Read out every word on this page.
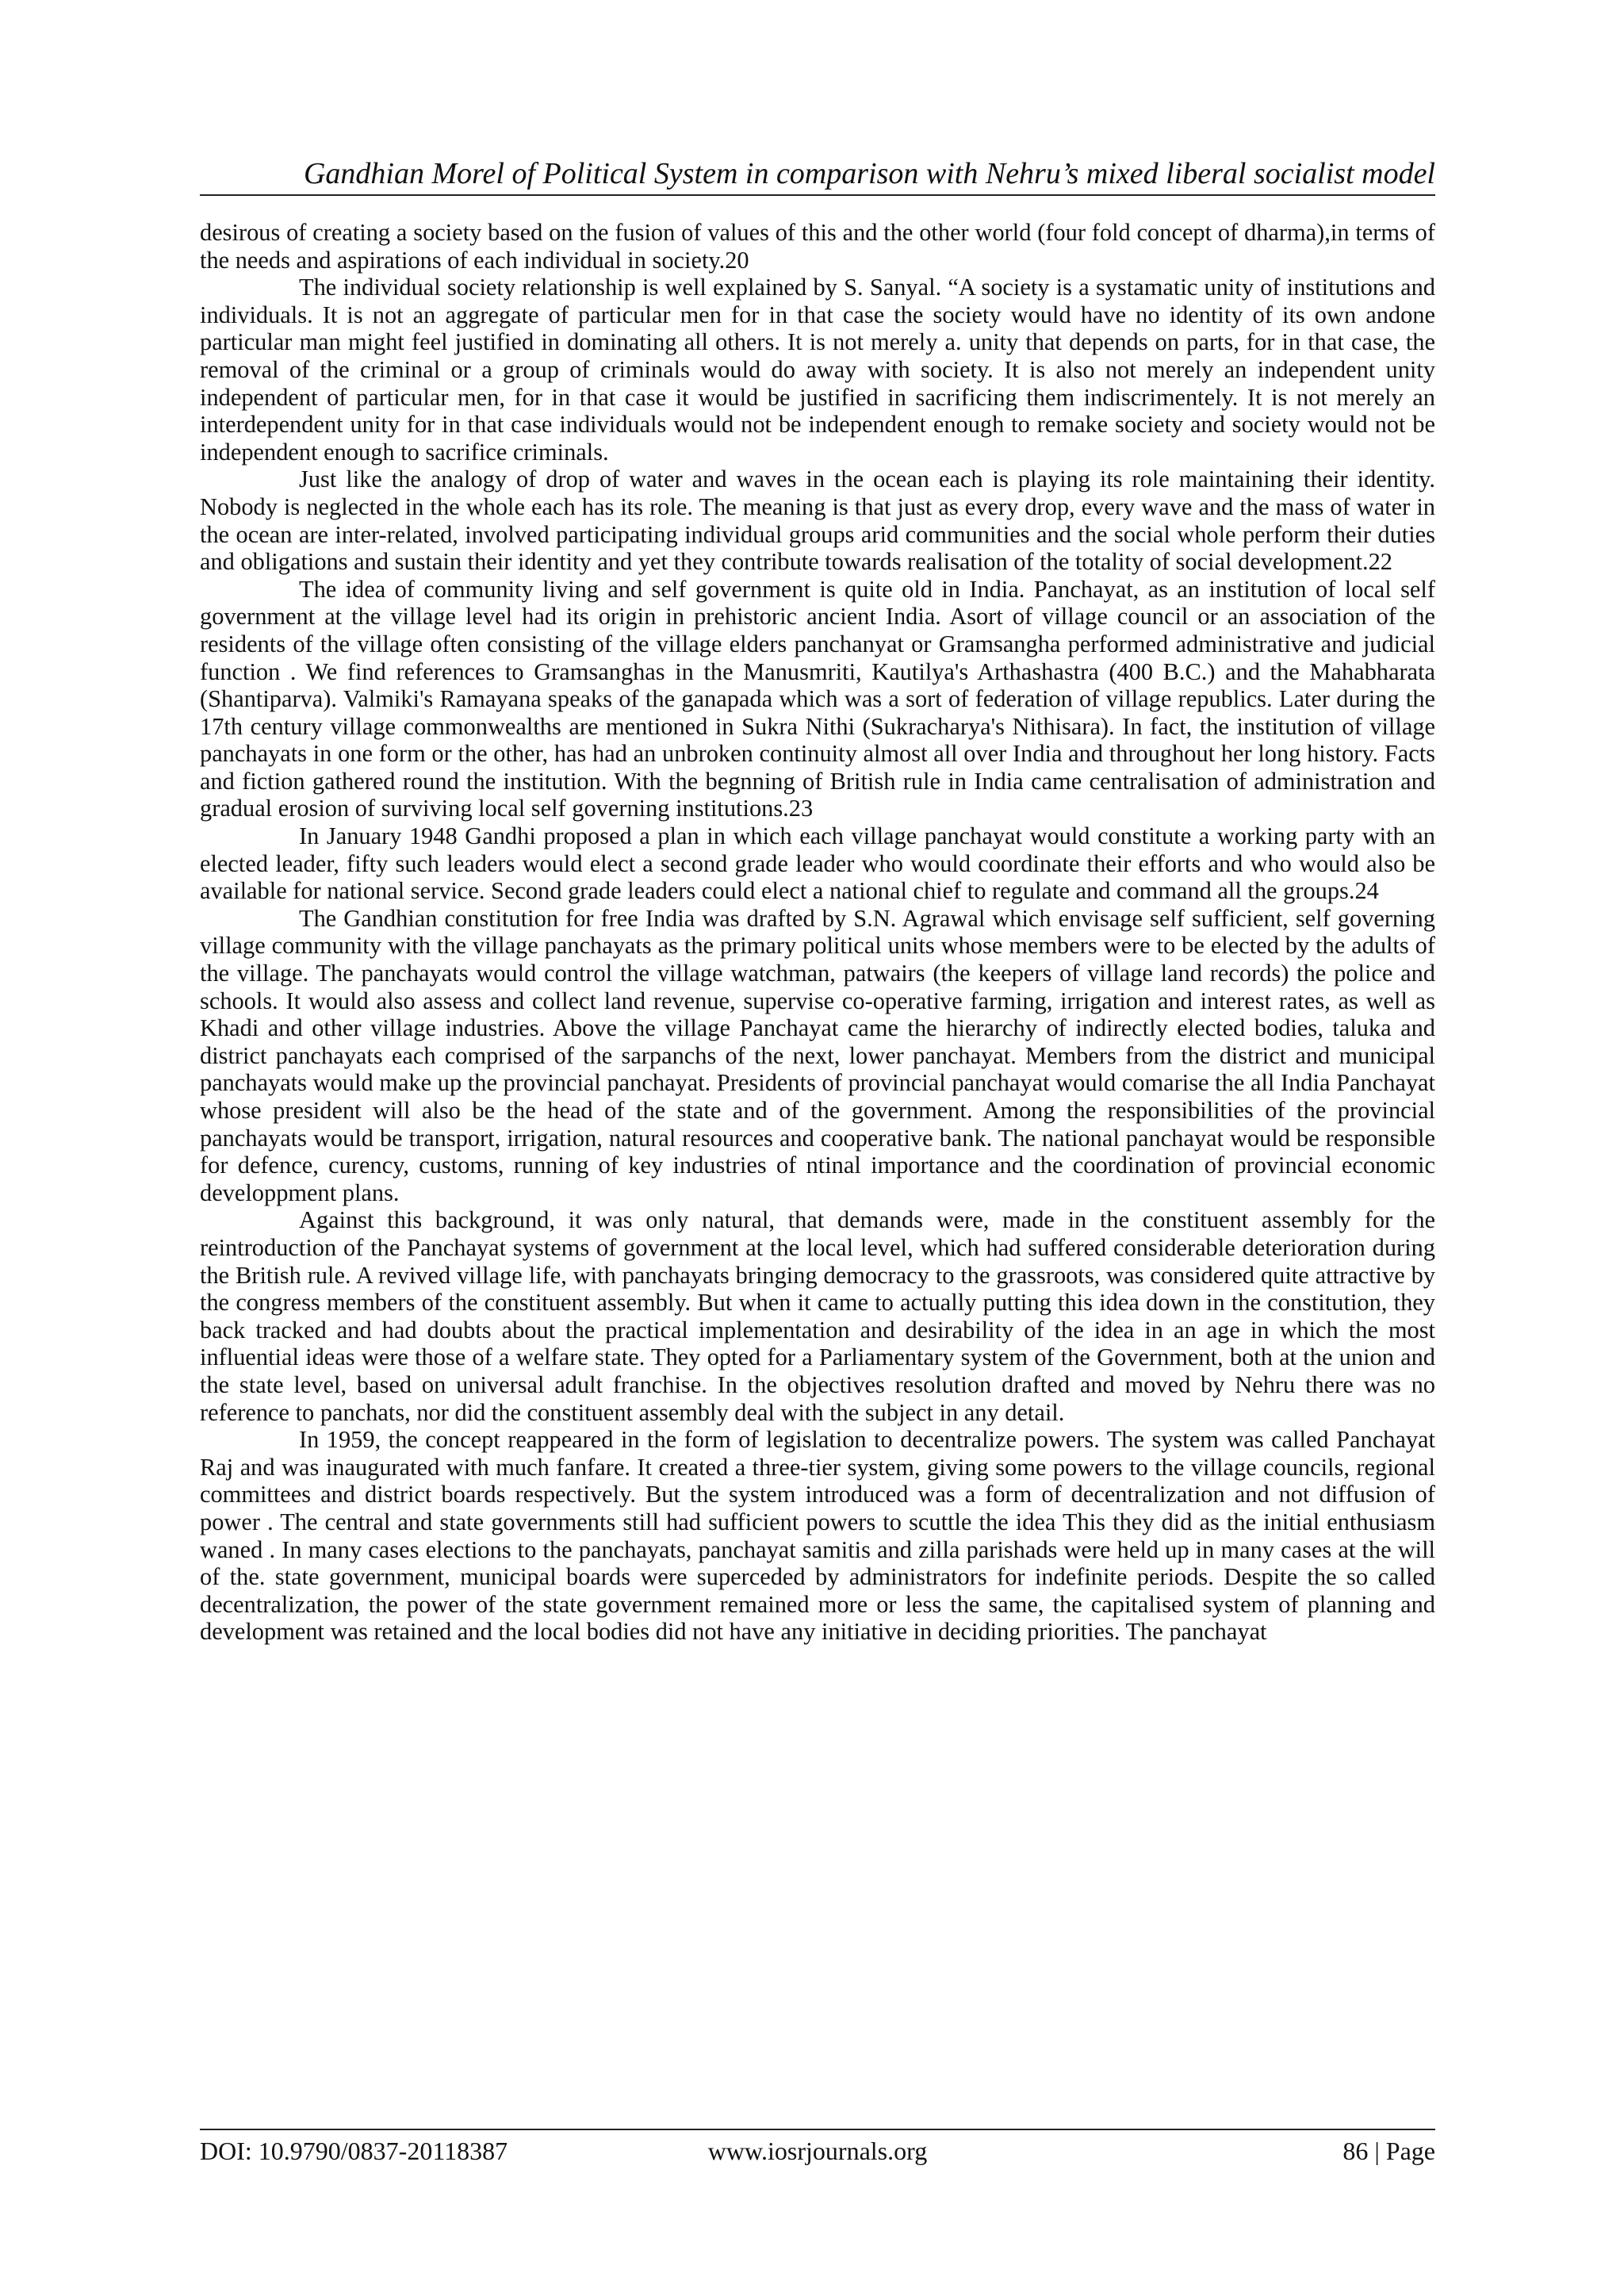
Gandhian Morel of Political System in comparison with Nehru’s mixed liberal socialist model

desirous of creating a society based on the fusion of values of this and the other world (four fold concept of dharma),in terms of the needs and aspirations of each individual in society.20

The individual society relationship is well explained by S. Sanyal. “A society is a systamatic unity of institutions and individuals. It is not an aggregate of particular men for in that case the society would have no identity of its own andone particular man might feel justified in dominating all others. It is not merely a. unity that depends on parts, for in that case, the removal of the criminal or a group of criminals would do away with society. It is also not merely an independent unity independent of particular men, for in that case it would be justified in sacrificing them indiscrimentely. It is not merely an interdependent unity for in that case individuals would not be independent enough to remake society and society would not be independent enough to sacrifice criminals.

Just like the analogy of drop of water and waves in the ocean each is playing its role maintaining their identity. Nobody is neglected in the whole each has its role. The meaning is that just as every drop, every wave and the mass of water in the ocean are inter-related, involved participating individual groups arid communities and the social whole perform their duties and obligations and sustain their identity and yet they contribute towards realisation of the totality of social development.22

The idea of community living and self government is quite old in India. Panchayat, as an institution of local self government at the village level had its origin in prehistoric ancient India. Asort of village council or an association of the residents of the village often consisting of the village elders panchanyat or Gramsangha performed administrative and judicial function . We find references to Gramsanghas in the Manusmriti, Kautilya's Arthashastra (400 B.C.) and the Mahabharata (Shantiparva). Valmiki's Ramayana speaks of the ganapada which was a sort of federation of village republics. Later during the 17th century village commonwealths are mentioned in Sukra Nithi (Sukracharya's Nithisara). In fact, the institution of village panchayats in one form or the other, has had an unbroken continuity almost all over India and throughout her long history. Facts and fiction gathered round the institution. With the begnning of British rule in India came centralisation of administration and gradual erosion of surviving local self governing institutions.23

In January 1948 Gandhi proposed a plan in which each village panchayat would constitute a working party with an elected leader, fifty such leaders would elect a second grade leader who would coordinate their efforts and who would also be available for national service. Second grade leaders could elect a national chief to regulate and command all the groups.24

The Gandhian constitution for free India was drafted by S.N. Agrawal which envisage self sufficient, self governing village community with the village panchayats as the primary political units whose members were to be elected by the adults of the village. The panchayats would control the village watchman, patwairs (the keepers of village land records) the police and schools. It would also assess and collect land revenue, supervise co-operative farming, irrigation and interest rates, as well as Khadi and other village industries. Above the village Panchayat came the hierarchy of indirectly elected bodies, taluka and district panchayats each comprised of the sarpanchs of the next, lower panchayat. Members from the district and municipal panchayats would make up the provincial panchayat. Presidents of provincial panchayat would comarise the all India Panchayat whose president will also be the head of the state and of the government. Among the responsibilities of the provincial panchayats would be transport, irrigation, natural resources and cooperative bank. The national panchayat would be responsible for defence, curency, customs, running of key industries of ntinal importance and the coordination of provincial economic developpment plans.

Against this background, it was only natural, that demands were, made in the constituent assembly for the reintroduction of the Panchayat systems of government at the local level, which had suffered considerable deterioration during the British rule. A revived village life, with panchayats bringing democracy to the grassroots, was considered quite attractive by the congress members of the constituent assembly. But when it came to actually putting this idea down in the constitution, they back tracked and had doubts about the practical implementation and desirability of the idea in an age in which the most influential ideas were those of a welfare state. They opted for a Parliamentary system of the Government, both at the union and the state level, based on universal adult franchise. In the objectives resolution drafted and moved by Nehru there was no reference to panchats, nor did the constituent assembly deal with the subject in any detail.

In 1959, the concept reappeared in the form of legislation to decentralize powers. The system was called Panchayat Raj and was inaugurated with much fanfare. It created a three-tier system, giving some powers to the village councils, regional committees and district boards respectively. But the system introduced was a form of decentralization and not diffusion of power . The central and state governments still had sufficient powers to scuttle the idea This they did as the initial enthusiasm waned . In many cases elections to the panchayats, panchayat samitis and zilla parishads were held up in many cases at the will of the. state government, municipal boards were superceded by administrators for indefinite periods. Despite the so called decentralization, the power of the state government remained more or less the same, the capitalised system of planning and development was retained and the local bodies did not have any initiative in deciding priorities. The panchayat

DOI: 10.9790/0837-20118387	www.iosrjournals.org	86 | Page
